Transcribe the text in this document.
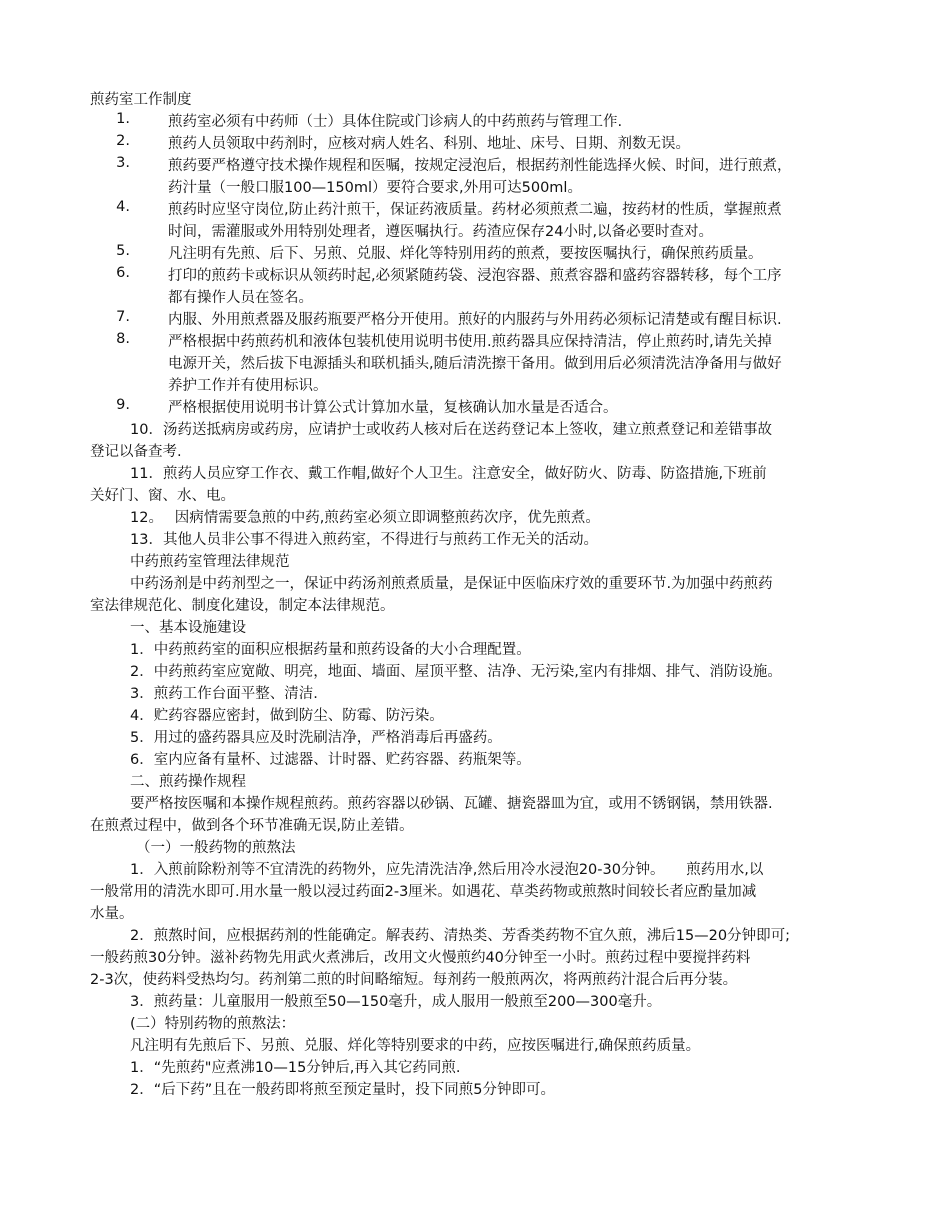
煎药室工作制度
1.	煎药室必须有中药师（士）具体住院或门诊病人的中药煎药与管理工作.
2.	煎药人员领取中药剂时，应核对病人姓名、科别、地址、床号、日期、剂数无误。
3.	煎药要严格遵守技术操作规程和医嘱，按规定浸泡后，根据药剂性能选择火候、时间，进行煎煮，
药汁量（一般口服100—150ml）要符合要求,外用可达500ml。
4.	煎药时应坚守岗位,防止药汁煎干，保证药液质量。药材必须煎煮二遍，按药材的性质，掌握煎煮
时间，需灌服或外用特别处理者，遵医嘱执行。药渣应保存24小时,以备必要时查对。
5.	凡注明有先煎、后下、另煎、兑服、烊化等特别用药的煎煮，要按医嘱执行，确保煎药质量。
6.	打印的煎药卡或标识从领药时起,必须紧随药袋、浸泡容器、煎煮容器和盛药容器转移，每个工序
都有操作人员在签名。
7.	内服、外用煎煮器及服药瓶要严格分开使用。煎好的内服药与外用药必须标记清楚或有醒目标识.
8.	严格根据中药煎药机和液体包装机使用说明书使用.煎药器具应保持清洁，停止煎药时,请先关掉
电源开关，然后拔下电源插头和联机插头,随后清洗擦干备用。做到用后必须清洗洁净备用与做好
养护工作并有使用标识。
9.	严格根据使用说明书计算公式计算加水量，复核确认加水量是否适合。
10．汤药送抵病房或药房，应请护士或收药人核对后在送药登记本上签收，建立煎煮登记和差错事故
登记以备查考.
11．煎药人员应穿工作衣、戴工作帽,做好个人卫生。注意安全，做好防火、防毒、防盗措施,下班前
关好门、窗、水、电。
12。　 因病情需要急煎的中药,煎药室必须立即调整煎药次序，优先煎煮。
13．其他人员非公事不得进入煎药室，不得进行与煎药工作无关的活动。
中药煎药室管理法律规范
中药汤剂是中药剂型之一，保证中药汤剂煎煮质量，是保证中医临床疗效的重要环节.为加强中药煎药
室法律规范化、制度化建设，制定本法律规范。
一、基本设施建设
1．中药煎药室的面积应根据药量和煎药设备的大小合理配置。
2．中药煎药室应宽敞、明亮，地面、墙面、屋顶平整、洁净、无污染,室内有排烟、排气、消防设施。
3．煎药工作台面平整、清洁.
4．贮药容器应密封，做到防尘、防霉、防污染。
5．用过的盛药器具应及时洗刷洁净，严格消毒后再盛药。
6．室内应备有量杯、过滤器、计时器、贮药容器、药瓶架等。
二、煎药操作规程
要严格按医嘱和本操作规程煎药。煎药容器以砂锅、瓦罐、搪瓷器皿为宜，或用不锈钢锅，禁用铁器.
在煎煮过程中，做到各个环节准确无误,防止差错。
（一）一般药物的煎熬法
1．入煎前除粉剂等不宜清洗的药物外，应先清洗洁净,然后用冷水浸泡20-30分钟。　　煎药用水,以
一般常用的清洗水即可.用水量一般以浸过药面2-3厘米。如遇花、草类药物或煎熬时间较长者应酌量加减
水量。
2．煎熬时间，应根据药剂的性能确定。解表药、清热类、芳香类药物不宜久煎，沸后15—20分钟即可;
一般药煎30分钟。滋补药物先用武火煮沸后，改用文火慢煎约40分钟至一小时。煎药过程中要搅拌药料
2-3次，使药料受热均匀。药剂第二煎的时间略缩短。每剂药一般煎两次，将两煎药汁混合后再分装。
3．煎药量：儿童服用一般煎至50—150毫升，成人服用一般煎至200—300毫升。
(二）特别药物的煎熬法：
凡注明有先煎后下、另煎、兑服、烊化等特别要求的中药，应按医嘱进行,确保煎药质量。
1．“先煎药"应煮沸10—15分钟后,再入其它药同煎.
2．“后下药”且在一般药即将煎至预定量时，投下同煎5分钟即可。
